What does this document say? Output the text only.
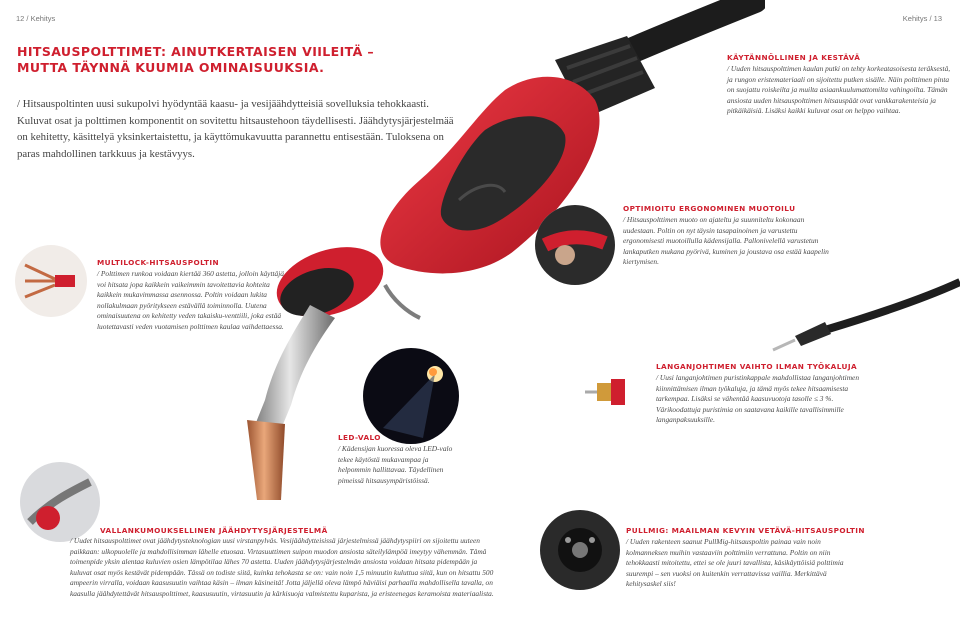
12 / Kehitys	Kehitys / 13
HITSAUSPOLTTIMET: AINUTKERTAISEN VIILEITÄ –
MUTTA TÄYNNÄ KUUMIA OMINAISUUKSIA.
/ Hitsauspoltinten uusi sukupolvi hyödyntää kaasu- ja vesijäähdytteisiä sovelluksia tehokkaasti. Kuluvat osat ja polttimen komponentit on sovitettu hitsaustehoon täydellisesti. Jäähdytysjärjestelmää on kehitetty, käsittelyä yksinkertaistettu, ja käyttömukavuutta parannettu entisestään. Tuloksena on paras mahdollinen tarkkuus ja kestävyys.
KÄYTÄNNÖLLINEN JA KESTÄVÄ
/ Uuden hitsauspolttimen kaulan putki on tehty korkeatasoisesta teräksestä, ja rungon eristemateriaali on sijoitettu putken sisälle. Näin polttimen pinta on suojattu roiskeilta ja muilta asiaankuulumattomilta vahingoilta. Tämän ansiosta uuden hitsauspolttimen hitsauspäät ovat vankkarakenteisia ja pitkäikäisiä. Lisäksi kaikki kuluvat osat on helppo vaihtaa.
OPTIMIOITU ERGONOMINEN MUOTOILU
/ Hitsauspolttimen muoto on ajateltu ja suunniteltu kokonaan uudestaan. Poltin on nyt täysin tasapainoinen ja varustettu ergonomisesti muotoillulla kädensijalla. Pallonivelellä varustetun lankaputken mukana pyörivä, kuminen ja joustava osa estää kaapelin kiertymisen.
MULTILOCK-HITSAUSPOLTIN
/ Polttimen runkoa voidaan kiertää 360 astetta, jolloin käyttäjä voi hitsata jopa kaikkein vaikeimmin tavoitettavia kohteita kaikkein mukavimmassa asennossa. Poltin voidaan lukita nollakulmaan pyöritykseen estävällä toiminnolla. Uutena ominaisuutena on kehitetty veden takaisku-venttiili, joka estää luotettavasti veden vuotamisen polttimen kaulaa vaihdettaessa.
LANGANJOHTIMEN VAIHTO ILMAN TYÖKALUJA
/ Uusi langanjohtimen puristinkappale mahdollistaa langanjohtimen kiinnittämisen ilman työkaluja, ja tämä myös tekee hitsaamisesta tarkempaa. Lisäksi se vähentää kaasuvuotoja tasolle ≤ 3 %. Värikoodattuja puristimia on saatavana kaikille tavallisimmille langanpaksuuksille.
LED-VALO
/ Kädensijan kuoressa oleva LED-valo tekee käytöstä mukavampaa ja helpommin hallittavaa. Täydellinen pimeissä hitsausympäristöissä.
VALLANKUMOUKSELLINEN JÄÄHDYTYSJÄRJESTELMÄ
/ Uudet hitsauspolttimet ovat jäähdytysteknologian uusi virstanpylväs. Vesijäähdytteisissä järjestelmissä jäähdytyspiiri on sijoitettu uuteen paikkaan: ulkopuolelle ja mahdollisimman lähelle etuosaa. Virtasuuttimen suipon muodon ansiosta säteilylämpöä imeytyy vähemmän. Tämä toimenpide yksin alentaa kuluvien osien lämpötilaa lähes 70 astetta. Uuden jäähdytysjärjestelmän ansiosta voidaan hitsata pidempään ja kuluvat osat myös kestävät pidempään. Tässä on todiste siitä, kuinka tehokasta se on: vain noin 1,5 minuutin kuluttua siitä, kun on hitsattu 500 ampeerin virralla, voidaan kaasusuutin vaihtaa käsin – ilman käsineitä! Jotta jäljellä oleva lämpö häviäisi parhaalla mahdollisella tavalla, on kaasulla jäähdytettävät hitsauspolttimet, kaasusuutin, virtasuutin ja kärkisuoja valmistettu kuparista, ja eristeenegas keramoista materiaalista.
PULLMIG: MAAILMAN KEVYIN VETÄVÄ-HITSAUSPOLTIN
/ Uuden rakenteen saanut PullMig-hitsauspoltin painaa vain noin kolmanneksen muihin vastaaviin polttimiin verrattuna. Poltin on niin tehokkaasti mitoitettu, ettei se ole juuri tavallista, käsikäyttöisiä polttimia suurempi – sen vuoksi on kuitenkin verrattavissa vaillia. Merkittävä kehitysaskel siis!
